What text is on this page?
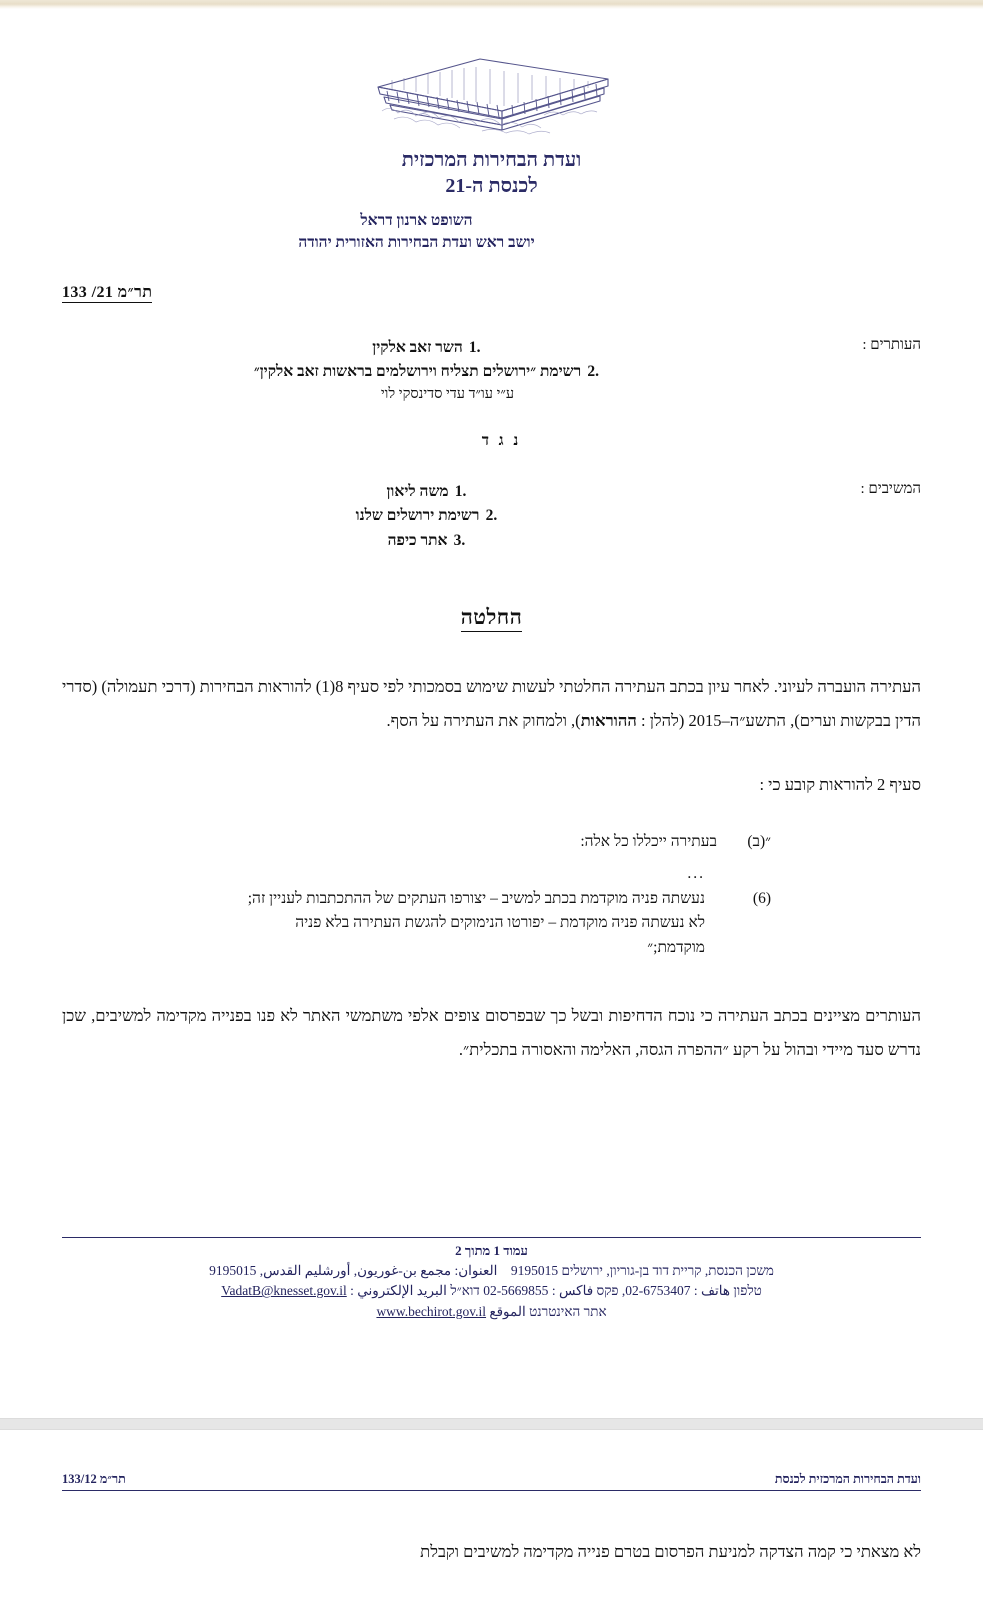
ועדת הבחירות המרכזית
לכנסת ה-21
השופט ארנון דראל
יושב ראש ועדת הבחירות האזורית יהודה
תר״מ 21/ 133
העותרים :
.1 השר זאב אלקין
.2 רשימת ״ירושלים תצליח וירושלמים בראשות זאב אלקין״
ע״י עו״ד עדי סדינסקי לוי
נ ג ד
המשיבים :
.1 משה ליאון
.2 רשימת ירושלים שלנו
.3 אתר כיפה
החלטה

העתירה הועברה לעיוני. לאחר עיון בכתב העתירה החלטתי לעשות שימוש בסמכותי לפי סעיף 8(1) להוראות הבחירות (דרכי תעמולה) (סדרי הדין בבקשות וערים), התשע״ה–2015 (להלן : ההוראות), ולמחוק את העתירה על הסף.

סעיף 2 להוראות קובע כי :

״(ב)
בעתירה ייכללו כל אלה:
...
(6)
נעשתה פניה מוקדמת בכתב למשיב – יצורפו העתקים של ההתכתבות לעניין זה; לא נעשתה פניה מוקדמת – יפורטו הנימוקים להגשת העתירה בלא פניה מוקדמת;״

העותרים מציינים בכתב העתירה כי נוכח הדחיפות ובשל כך שבפרסום צופים אלפי משתמשי האתר לא פנו בפנייה מקדימה למשיבים, שכן נדרש סעד מיידי ובהול על רקע ״ההפרה הגסה, האלימה והאסורה בתכלית״.

עמוד 1 מתוך 2
משכן הכנסת, קריית דוד בן-גוריון, ירושלים 9195015    العنوان: مجمع بن-غوريون, أورشليم القدس, 9195015
טלפון هاتف : 02-6753407, פקס فاكس : 02-5669855 דוא״ל البريد الإلكتروني : VadatB@knesset.gov.il
אתר האינטרנט الموقع www.bechirot.gov.il
ועדת הבחירות המרכזית לכנסת
תר״מ 133/12

לא מצאתי כי קמה הצדקה למניעת הפרסום בטרם פנייה מקדימה למשיבים וקבלת
